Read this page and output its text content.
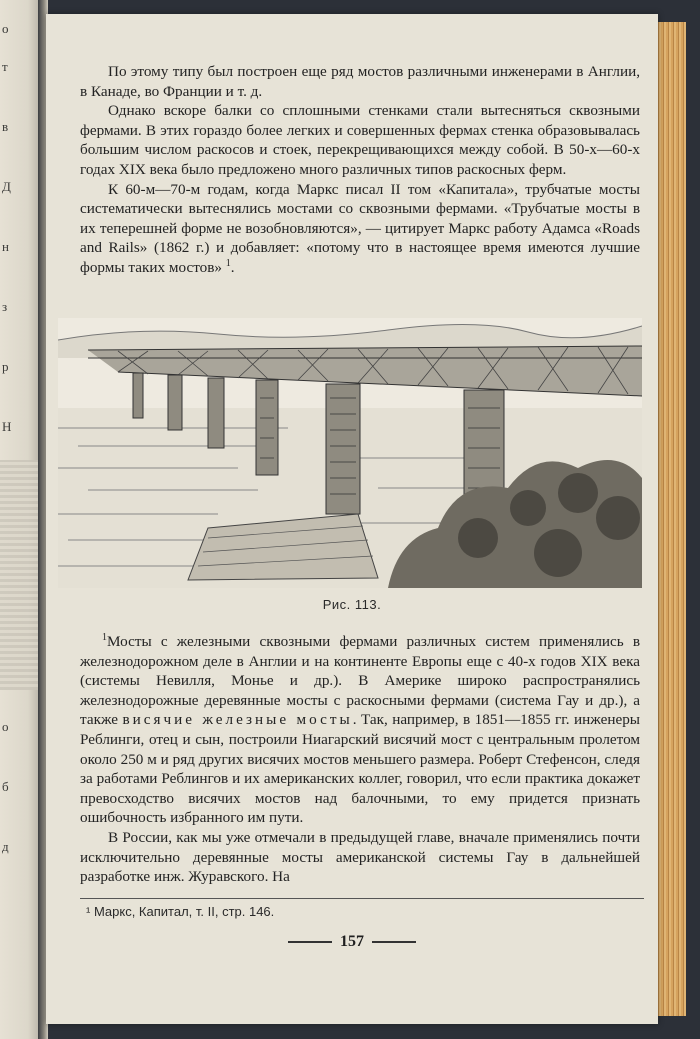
о
т
в
Д
н
з
р
Н
о
б
д

По этому типу был построен еще ряд мостов различными инженерами в Англии, в Канаде, во Франции и т. д.

Однако вскоре балки со сплошными стенками стали вытесняться сквозными фермами. В этих гораздо более легких и совершенных фермах стенка образовывалась большим числом раскосов и стоек, перекрещивающихся между собой. В 50-х—60-х годах XIX века было предложено много различных типов раскосных ферм.

К 60-м—70-м годам, когда Маркс писал II том «Капитала», трубчатые мосты систематически вытеснялись мостами со сквозными фермами. «Трубчатые мосты в их теперешней форме не возобновляются», — цитирует Маркс работу Адамса «Roads and Rails» (1862 г.) и добавляет: «потому что в настоящее время имеются лучшие формы таких мостов» $^1$.

Рис. 113.

$^1$Мосты с железными сквозными фермами различных систем применялись в железнодорожном деле в Англии и на континенте Европы еще с 40-х годов XIX века (системы Невилля, Монье и др.). В Америке широко распространялись железнодорожные деревянные мосты с раскосными фермами (система Гау и др.), а также висячие железные мосты. Так, например, в 1851—1855 гг. инженеры Реблинги, отец и сын, построили Ниагарский висячий мост с центральным пролетом около 250 м и ряд других висячих мостов меньшего размера. Роберт Стефенсон, следя за работами Реблингов и их американских коллег, говорил, что если практика докажет превосходство висячих мостов над балочными, то ему придется признать ошибочность избранного им пути.

В России, как мы уже отмечали в предыдущей главе, вначале применялись почти исключительно деревянные мосты американской системы Гау в дальнейшей разработке инж. Журавского. На

¹ Маркс, Капитал, т. II, стр. 146.
157
